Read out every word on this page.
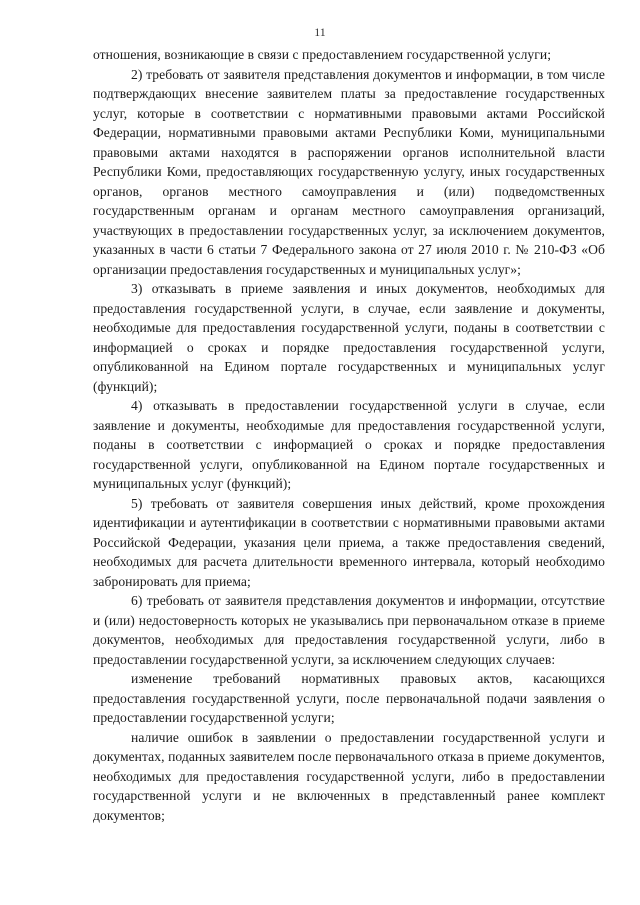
11

отношения, возникающие в связи с предоставлением государственной услуги;

2) требовать от заявителя представления документов и информации, в том числе подтверждающих внесение заявителем платы за предоставление государственных услуг, которые в соответствии с нормативными правовыми актами Российской Федерации, нормативными правовыми актами Республики Коми, муниципальными правовыми актами находятся в распоряжении органов исполнительной власти Республики Коми, предоставляющих государственную услугу, иных государственных органов, органов местного самоуправления и (или) подведомственных государственным органам и органам местного самоуправления организаций, участвующих в предоставлении государственных услуг, за исключением документов, указанных в части 6 статьи 7 Федерального закона от 27 июля 2010 г. № 210-ФЗ «Об организации предоставления государственных и муниципальных услуг»;

3) отказывать в приеме заявления и иных документов, необходимых для предоставления государственной услуги, в случае, если заявление и документы, необходимые для предоставления государственной услуги, поданы в соответствии с информацией о сроках и порядке предоставления государственной услуги, опубликованной на Едином портале государственных и муниципальных услуг (функций);

4) отказывать в предоставлении государственной услуги в случае, если заявление и документы, необходимые для предоставления государственной услуги, поданы в соответствии с информацией о сроках и порядке предоставления государственной услуги, опубликованной на Едином портале государственных и муниципальных услуг (функций);

5) требовать от заявителя совершения иных действий, кроме прохождения идентификации и аутентификации в соответствии с нормативными правовыми актами Российской Федерации, указания цели приема, а также предоставления сведений, необходимых для расчета длительности временного интервала, который необходимо забронировать для приема;

6) требовать от заявителя представления документов и информации, отсутствие и (или) недостоверность которых не указывались при первоначальном отказе в приеме документов, необходимых для предоставления государственной услуги, либо в предоставлении государственной услуги, за исключением следующих случаев:

изменение требований нормативных правовых актов, касающихся предоставления государственной услуги, после первоначальной подачи заявления о предоставлении государственной услуги;

наличие ошибок в заявлении о предоставлении государственной услуги и документах, поданных заявителем после первоначального отказа в приеме документов, необходимых для предоставления государственной услуги, либо в предоставлении государственной услуги и не включенных в представленный ранее комплект документов;
